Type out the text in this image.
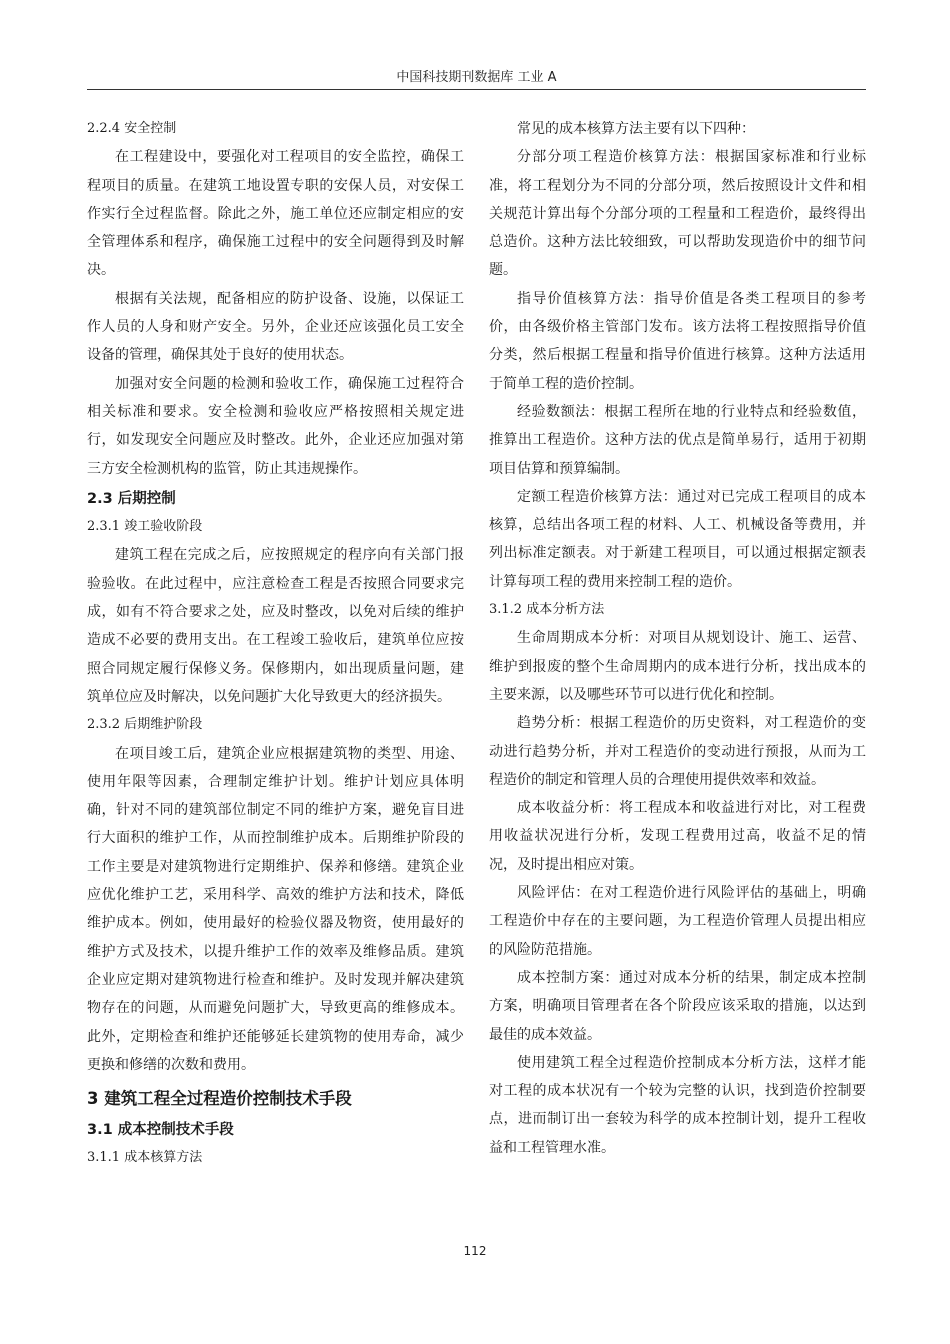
中国科技期刊数据库 工业 A

2.2.4 安全控制

在工程建设中，要强化对工程项目的安全监控，确保工程项目的质量。在建筑工地设置专职的安保人员，对安保工作实行全过程监督。除此之外，施工单位还应制定相应的安全管理体系和程序，确保施工过程中的安全问题得到及时解决。

根据有关法规，配备相应的防护设备、设施，以保证工作人员的人身和财产安全。另外，企业还应该强化员工安全设备的管理，确保其处于良好的使用状态。

加强对安全问题的检测和验收工作，确保施工过程符合相关标准和要求。安全检测和验收应严格按照相关规定进行，如发现安全问题应及时整改。此外，企业还应加强对第三方安全检测机构的监管，防止其违规操作。

2.3 后期控制

2.3.1 竣工验收阶段

建筑工程在完成之后，应按照规定的程序向有关部门报验验收。在此过程中，应注意检查工程是否按照合同要求完成，如有不符合要求之处，应及时整改，以免对后续的维护造成不必要的费用支出。在工程竣工验收后，建筑单位应按照合同规定履行保修义务。保修期内，如出现质量问题，建筑单位应及时解决，以免问题扩大化导致更大的经济损失。

2.3.2 后期维护阶段

在项目竣工后，建筑企业应根据建筑物的类型、用途、使用年限等因素，合理制定维护计划。维护计划应具体明确，针对不同的建筑部位制定不同的维护方案，避免盲目进行大面积的维护工作，从而控制维护成本。后期维护阶段的工作主要是对建筑物进行定期维护、保养和修缮。建筑企业应优化维护工艺，采用科学、高效的维护方法和技术，降低维护成本。例如，使用最好的检验仪器及物资，使用最好的维护方式及技术，以提升维护工作的效率及维修品质。建筑企业应定期对建筑物进行检查和维护。及时发现并解决建筑物存在的问题，从而避免问题扩大，导致更高的维修成本。此外，定期检查和维护还能够延长建筑物的使用寿命，减少更换和修缮的次数和费用。

3 建筑工程全过程造价控制技术手段

3.1 成本控制技术手段

3.1.1 成本核算方法

常见的成本核算方法主要有以下四种：

分部分项工程造价核算方法：根据国家标准和行业标准，将工程划分为不同的分部分项，然后按照设计文件和相关规范计算出每个分部分项的工程量和工程造价，最终得出总造价。这种方法比较细致，可以帮助发现造价中的细节问题。

指导价值核算方法：指导价值是各类工程项目的参考价，由各级价格主管部门发布。该方法将工程按照指导价值分类，然后根据工程量和指导价值进行核算。这种方法适用于简单工程的造价控制。

经验数额法：根据工程所在地的行业特点和经验数值，推算出工程造价。这种方法的优点是简单易行，适用于初期项目估算和预算编制。

定额工程造价核算方法：通过对已完成工程项目的成本核算，总结出各项工程的材料、人工、机械设备等费用，并列出标准定额表。对于新建工程项目，可以通过根据定额表计算每项工程的费用来控制工程的造价。

3.1.2 成本分析方法

生命周期成本分析：对项目从规划设计、施工、运营、维护到报废的整个生命周期内的成本进行分析，找出成本的主要来源，以及哪些环节可以进行优化和控制。

趋势分析：根据工程造价的历史资料，对工程造价的变动进行趋势分析，并对工程造价的变动进行预报，从而为工程造价的制定和管理人员的合理使用提供效率和效益。

成本收益分析：将工程成本和收益进行对比，对工程费用收益状况进行分析，发现工程费用过高，收益不足的情况，及时提出相应对策。

风险评估：在对工程造价进行风险评估的基础上，明确工程造价中存在的主要问题，为工程造价管理人员提出相应的风险防范措施。

成本控制方案：通过对成本分析的结果，制定成本控制方案，明确项目管理者在各个阶段应该采取的措施，以达到最佳的成本效益。

使用建筑工程全过程造价控制成本分析方法，这样才能对工程的成本状况有一个较为完整的认识，找到造价控制要点，进而制订出一套较为科学的成本控制计划，提升工程收益和工程管理水准。

112
